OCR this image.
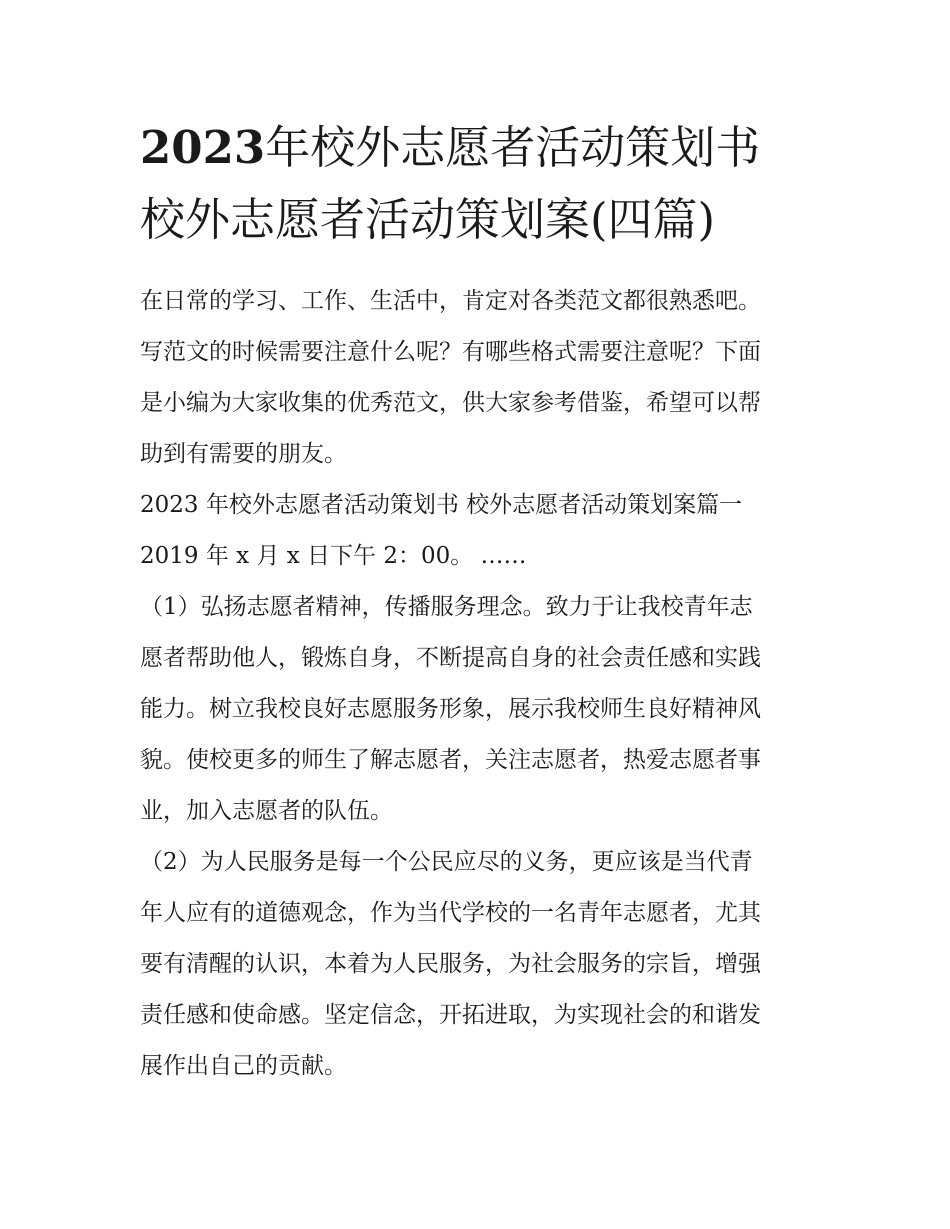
2023年校外志愿者活动策划书
校外志愿者活动策划案(四篇)

在日常的学习、工作、生活中，肯定对各类范文都很熟悉吧。

写范文的时候需要注意什么呢？有哪些格式需要注意呢？下面

是小编为大家收集的优秀范文，供大家参考借鉴，希望可以帮

助到有需要的朋友。

2023 年校外志愿者活动策划书 校外志愿者活动策划案篇一

2019 年 x 月 x 日下午 2：00。 ……

（1）弘扬志愿者精神，传播服务理念。致力于让我校青年志

愿者帮助他人，锻炼自身，不断提高自身的社会责任感和实践

能力。树立我校良好志愿服务形象，展示我校师生良好精神风

貌。使校更多的师生了解志愿者，关注志愿者，热爱志愿者事

业，加入志愿者的队伍。

（2）为人民服务是每一个公民应尽的义务，更应该是当代青

年人应有的道德观念，作为当代学校的一名青年志愿者，尤其

要有清醒的认识，本着为人民服务，为社会服务的宗旨，增强

责任感和使命感。坚定信念，开拓进取，为实现社会的和谐发

展作出自己的贡献。
